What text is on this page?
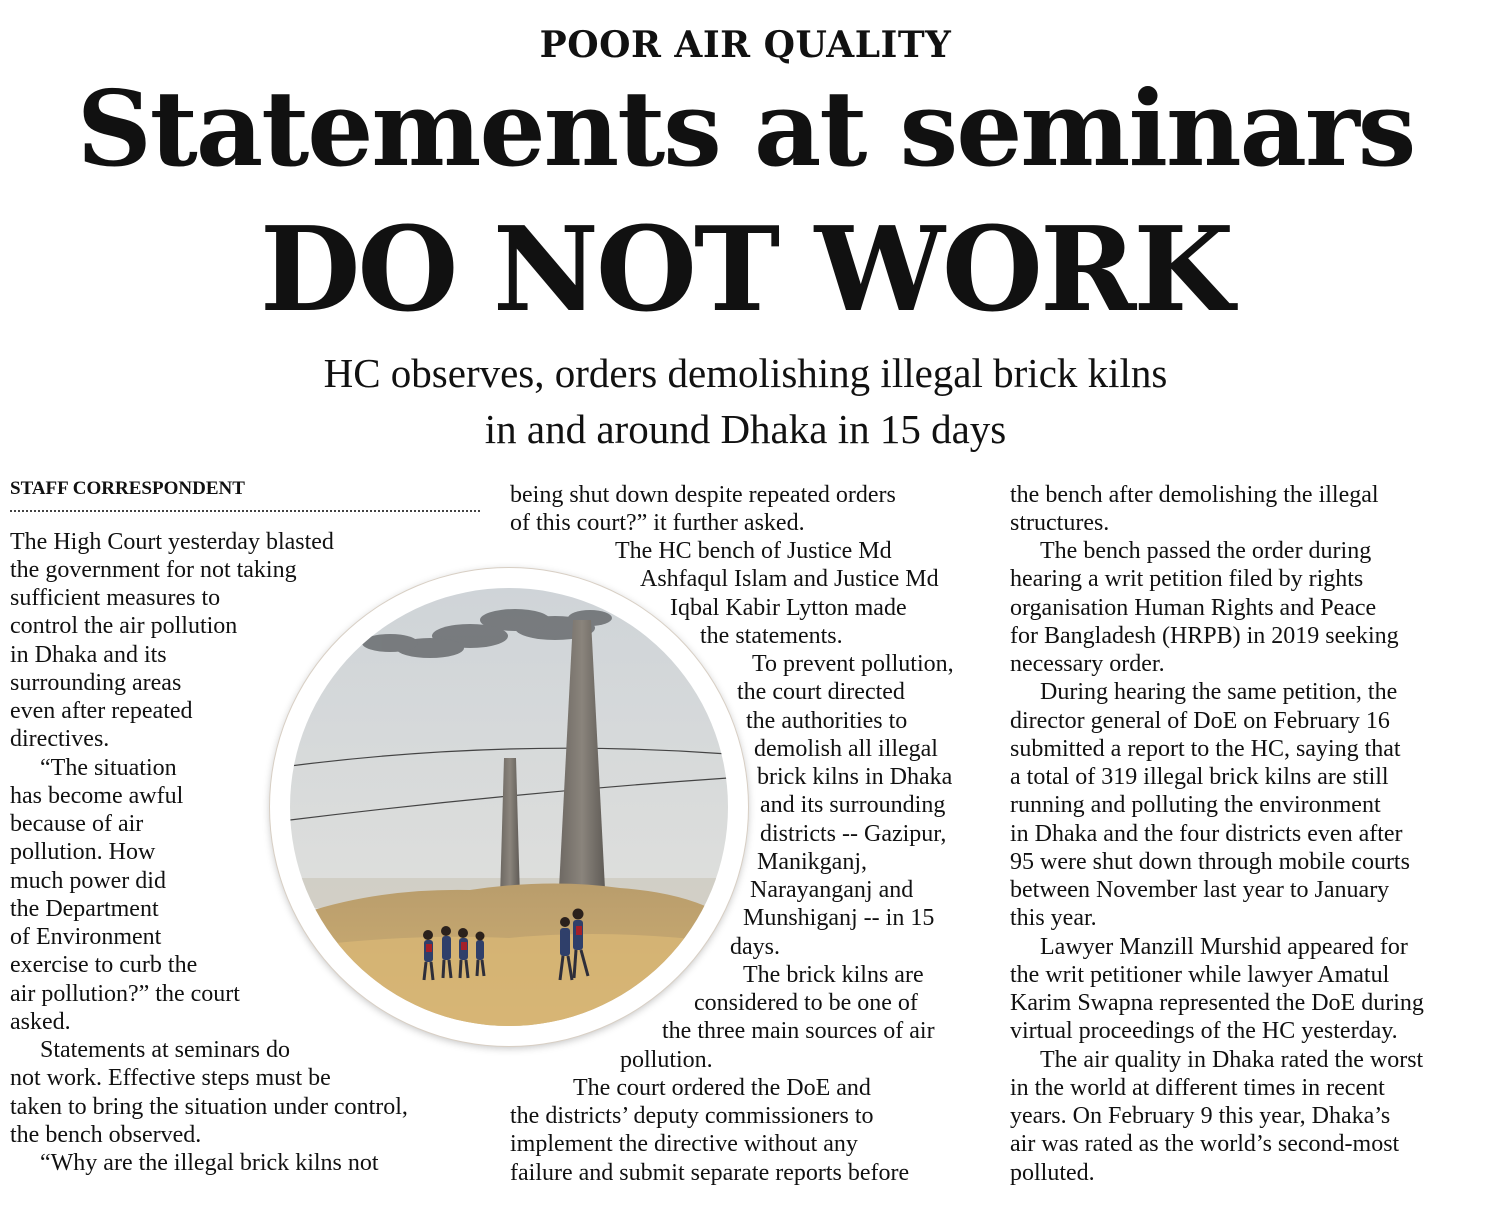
POOR AIR QUALITY
Statements at seminars
DO NOT WORK
HC observes, orders demolishing illegal brick kilns
in and around Dhaka in 15 days
STAFF CORRESPONDENT
The High Court yesterday blasted
the government for not taking
sufficient measures to
control the air pollution
in Dhaka and its
surrounding areas
even after repeated
directives.
“The situation
has become awful
because of air
pollution. How
much power did
the Department
of Environment
exercise to curb the
air pollution?” the court
asked.
Statements at seminars do
not work. Effective steps must be
taken to bring the situation under control,
the bench observed.
“Why are the illegal brick kilns not
being shut down despite repeated orders
of this court?” it further asked.
The HC bench of Justice Md
Ashfaqul Islam and Justice Md
Iqbal Kabir Lytton made
the statements.
To prevent pollution,
the court directed
the authorities to
demolish all illegal
brick kilns in Dhaka
and its surrounding
districts -- Gazipur,
Manikganj,
Narayanganj and
Munshiganj -- in 15
days.
The brick kilns are
considered to be one of
the three main sources of air
pollution.
The court ordered the DoE and
the districts’ deputy commissioners to
implement the directive without any
failure and submit separate reports before
the bench after demolishing the illegal
structures.
The bench passed the order during
hearing a writ petition filed by rights
organisation Human Rights and Peace
for Bangladesh (HRPB) in 2019 seeking
necessary order.
During hearing the same petition, the
director general of DoE on February 16
submitted a report to the HC, saying that
a total of 319 illegal brick kilns are still
running and polluting the environment
in Dhaka and the four districts even after
95 were shut down through mobile courts
between November last year to January
this year.
Lawyer Manzill Murshid appeared for
the writ petitioner while lawyer Amatul
Karim Swapna represented the DoE during
virtual proceedings of the HC yesterday.
The air quality in Dhaka rated the worst
in the world at different times in recent
years. On February 9 this year, Dhaka’s
air was rated as the world’s second-most
polluted.
